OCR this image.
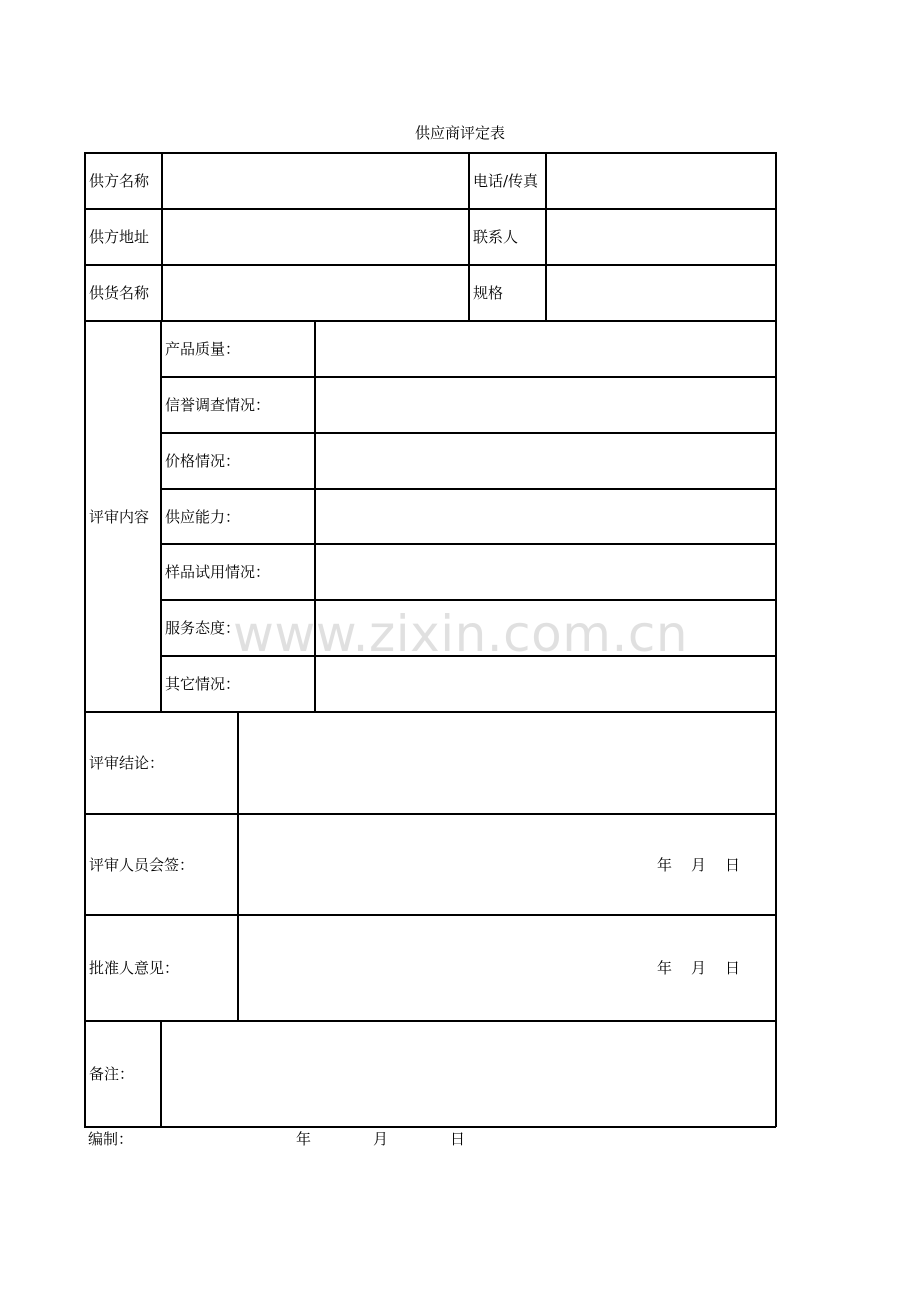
供应商评定表
供方名称	电话/传真
供方地址	联系人
供货名称	规格
评审内容
产品质量：
信誉调查情况：
价格情况：
供应能力：
样品试用情况：
服务态度：
其它情况：
评审结论：
评审人员会签：	年 月 日
批准人意见：	年 月 日
备注：
www.zixin.com.cn
编制：	年	月	日
